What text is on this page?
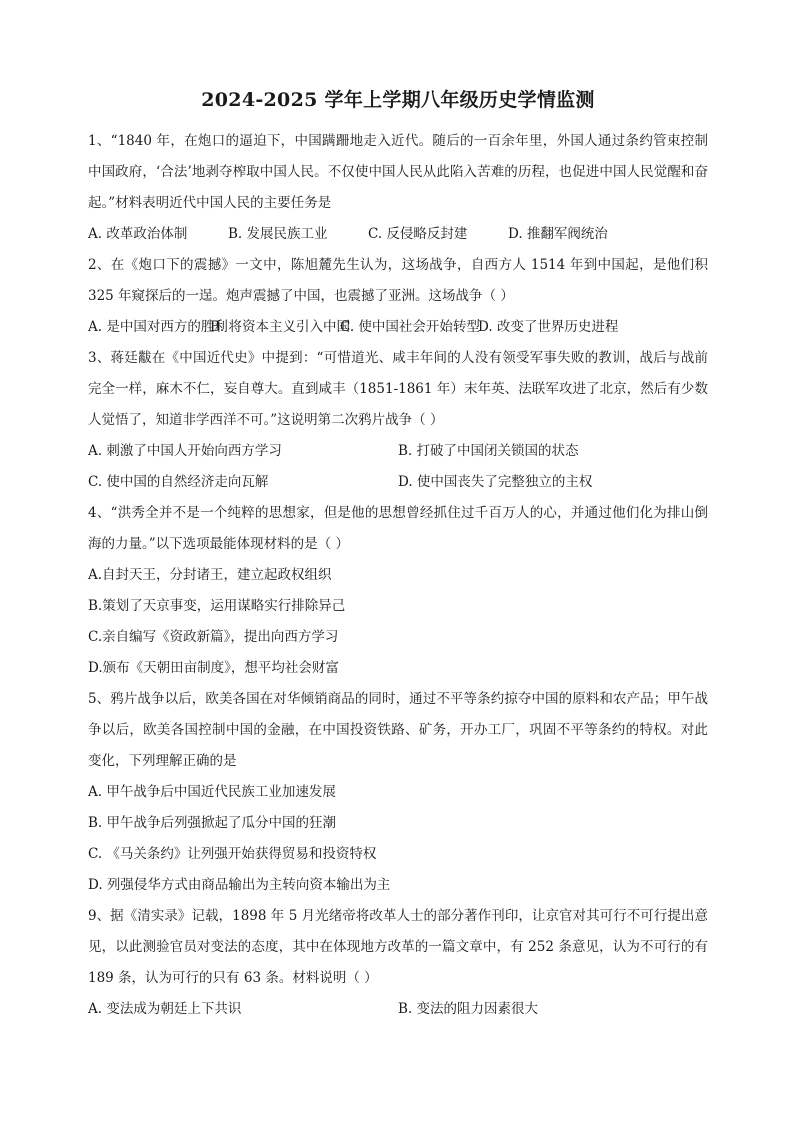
2024-2025 学年上学期八年级历史学情监测

1、“1840 年，在炮口的逼迫下，中国蹒跚地走入近代。随后的一百余年里，外国人通过条约管束控制中国政府，‘合法’地剥夺榨取中国人民。不仅使中国人民从此陷入苦难的历程，也促进中国人民觉醒和奋起。”材料表明近代中国人民的主要任务是

A. 改革政治体制	B. 发展民族工业	C. 反侵略反封建	D. 推翻军阀统治

2、在《炮口下的震撼》一文中，陈旭麓先生认为，这场战争，自西方人 1514 年到中国起，是他们积 325 年窥探后的一逞。炮声震撼了中国，也震撼了亚洲。这场战争（ ）

A. 是中国对西方的胜利
B. 将资本主义引入中国
C. 使中国社会开始转型
D. 改变了世界历史进程

3、蒋廷黻在《中国近代史》中提到：“可惜道光、咸丰年间的人没有领受军事失败的教训，战后与战前完全一样，麻木不仁，妄自尊大。直到咸丰（1851-1861 年）末年英、法联军攻进了北京，然后有少数人觉悟了，知道非学西洋不可。”这说明第二次鸦片战争（ ）

A. 刺激了中国人开始向西方学习	B. 打破了中国闭关锁国的状态
C. 使中国的自然经济走向瓦解	D. 使中国丧失了完整独立的主权

4、“洪秀全并不是一个纯粹的思想家，但是他的思想曾经抓住过千百万人的心，并通过他们化为排山倒海的力量。”以下选项最能体现材料的是（ ）

A.自封天王，分封诸王，建立起政权组织

B.策划了天京事变，运用谋略实行排除异己

C.亲自编写《资政新篇》，提出向西方学习

D.颁布《天朝田亩制度》，想平均社会财富

5、鸦片战争以后，欧美各国在对华倾销商品的同时，通过不平等条约掠夺中国的原料和农产品；甲午战争以后，欧美各国控制中国的金融，在中国投资铁路、矿务，开办工厂，巩固不平等条约的特权。对此变化，下列理解正确的是

A. 甲午战争后中国近代民族工业加速发展

B. 甲午战争后列强掀起了瓜分中国的狂潮

C. 《马关条约》让列强开始获得贸易和投资特权

D. 列强侵华方式由商品输出为主转向资本输出为主

9、据《清实录》记载，1898 年 5 月光绪帝将改革人士的部分著作刊印，让京官对其可行不可行提出意见，以此测验官员对变法的态度，其中在体现地方改革的一篇文章中，有 252 条意见，认为不可行的有 189 条，认为可行的只有 63 条。材料说明（ ）

A. 变法成为朝廷上下共识	B. 变法的阻力因素很大
